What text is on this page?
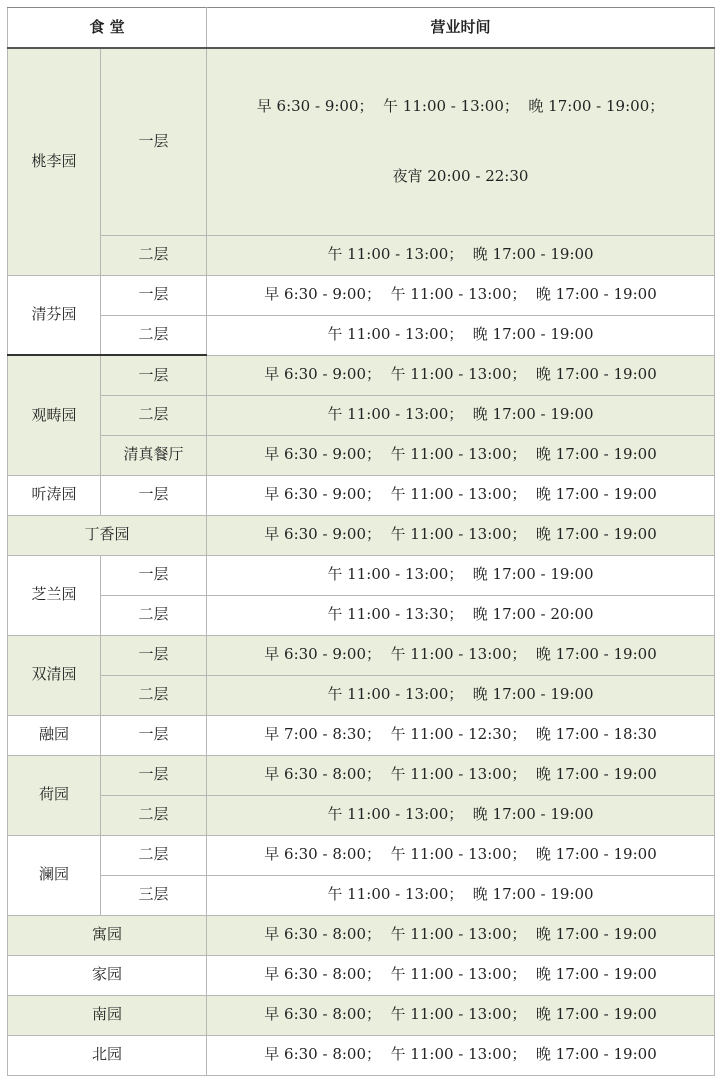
食 堂		营业时间
桃李园	一层	早 6:30 - 9:00；  午 11:00 - 13:00；  晚 17:00 - 19:00；

夜宵 20:00 - 22:30

	二层	午 11:00 - 13:00；  晚 17:00 - 19:00
清芬园	一层	早 6:30 - 9:00；  午 11:00 - 13:00；  晚 17:00 - 19:00
	二层	午 11:00 - 13:00；  晚 17:00 - 19:00
观畴园	一层	早 6:30 - 9:00；  午 11:00 - 13:00；  晚 17:00 - 19:00
	二层	午 11:00 - 13:00；  晚 17:00 - 19:00
	清真餐厅	早 6:30 - 9:00；  午 11:00 - 13:00；  晚 17:00 - 19:00
听涛园	一层	早 6:30 - 9:00；  午 11:00 - 13:00；  晚 17:00 - 19:00
丁香园		早 6:30 - 9:00；  午 11:00 - 13:00；  晚 17:00 - 19:00
芝兰园	一层	午 11:00 - 13:00；  晚 17:00 - 19:00
	二层	午 11:00 - 13:30；  晚 17:00 - 20:00
双清园	一层	早 6:30 - 9:00；  午 11:00 - 13:00；  晚 17:00 - 19:00
	二层	午 11:00 - 13:00；  晚 17:00 - 19:00
融园	一层	早 7:00 - 8:30；  午 11:00 - 12:30；  晚 17:00 - 18:30
荷园	一层	早 6:30 - 8:00；  午 11:00 - 13:00；  晚 17:00 - 19:00
	二层	午 11:00 - 13:00；  晚 17:00 - 19:00
澜园	二层	早 6:30 - 8:00；  午 11:00 - 13:00；  晚 17:00 - 19:00
	三层	午 11:00 - 13:00；  晚 17:00 - 19:00
寓园		早 6:30 - 8:00；  午 11:00 - 13:00；  晚 17:00 - 19:00
家园		早 6:30 - 8:00；  午 11:00 - 13:00；  晚 17:00 - 19:00
南园		早 6:30 - 8:00；  午 11:00 - 13:00；  晚 17:00 - 19:00
北园		早 6:30 - 8:00；  午 11:00 - 13:00；  晚 17:00 - 19:00
